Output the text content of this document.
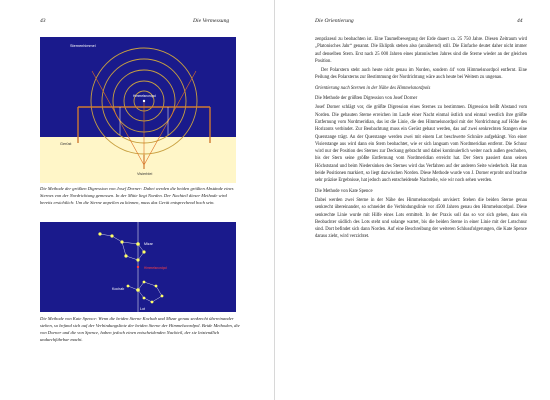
43	Die Vermessung
Sternenhimmel
Himmelsnordpol
Gerüst
Visierblei
Die Methode der größten Digression von Josef Dorner: Dabei werden die beiden größten Abstände eines Sternes von der Nordrichtung gemessen. In der Mitte liegt Norden. Der Nachteil dieser Methode wird bereits ersichtlich: Um die Sterne anpeilen zu können, muss das Gerät entsprechend hoch sein.
Mizar
Himmelsnordpol
Kochab
Lot
Die Methode von Kate Spence: Wenn die beiden Sterne Kochab und Mizar genau senkrecht übereinander stehen, so befand sich auf der Verbindungslinie der beiden Sterne der Himmelsnordpol. Beide Methoden, die von Dorner und die von Spence, haben jedoch einen entscheidenden Nachteil, der sie letztendlich undurchführbar macht.
Die Orientierung	44

zenpräzessl zu beobachten ist. Eine Taumelbewegung der Erde dauert ca. 25 750 Jahre. Diesen Zeitraum wird „Platonisches Jahr“ genannt. Die Ekliptik stehen also (annähernd) still. Die Einfache deutet daher nicht immer auf denselben Stern. Erst nach 25 000 Jahren eines platonischen Jahres sind die Sterne wieder an der gleichen Position.

Der Polarstern steht auch heute nicht genau im Norden, sondern 44' vom Himmelsnordpol entfernt. Eine Peilung des Polarsterns zur Bestimmung der Nordrichtung wäre auch heute bei Weitem zu ungenau.

Orientierung nach Sternen in der Nähe des Himmelsnordpols

Die Methode der größten Digression von Josef Dorner

Josef Dorner schlägt vor, die größte Digression eines Sternes zu bestimmen. Digression heißt Abstand vom Norden. Die gebauten Sterne erreichen im Laufe einer Nacht einmal östlich und einmal westlich ihre größte Entfernung vom Nordmeridian, das ist die Linie, die den Himmelsnordpol mit der Nordrichtung auf Höhe des Horizonts verbindet. Zur Beobachtung muss ein Gerüst gebaut werden, das auf zwei senkrechten Stangen eine Querstange trägt. An der Querstange werden zwei mit einem Lot beschwerte Schnüre aufgehängt. Von einer Visierstange aus wird dann ein Stern beobachtet, wie er sich langsam vom Nordmeridian entfernt. Die Schnur wird nur der Position des Sternes zur Deckung gebracht und dabei kontinuierlich weiter nach außen geschoben, bis der Stern seine größte Entfernung vom Nordmeridian erreicht hat. Der Stern passiert dann seinen Höchststand und beim Niedersinken des Sternes wird das Verfahren auf der anderen Seite wiederholt. Hat man beide Positionen markiert, so liegt dazwischen Norden. Diese Methode wurde von J. Dorner erprobt und brachte sehr präzise Ergebnisse, hat jedoch auch entscheidende Nachteile, wie wir noch sehen werden.

Die Methode von Kate Spence

Dabei werden zwei Sterne in der Nähe des Himmelsnordpols anvisiert: Stehen die beiden Sterne genau senkrecht übereinander, so schneidet die Verbindungslinie vor 4500 Jahren genau den Himmelsnordpol. Diese senkrechte Linie wurde mit Hilfe eines Lots ermittelt. In der Praxis soll das so vor sich gehen, dass ein Beobachter südlich des Lots steht und solange wartet, bis die beiden Sterne in einer Linie mit der Lotschnur sind. Dort befindet sich dann Norden. Auf eine Beschreibung der weiteren Schlussfolgerungen, die Kate Spence daraus zieht, wird verzichtet.
